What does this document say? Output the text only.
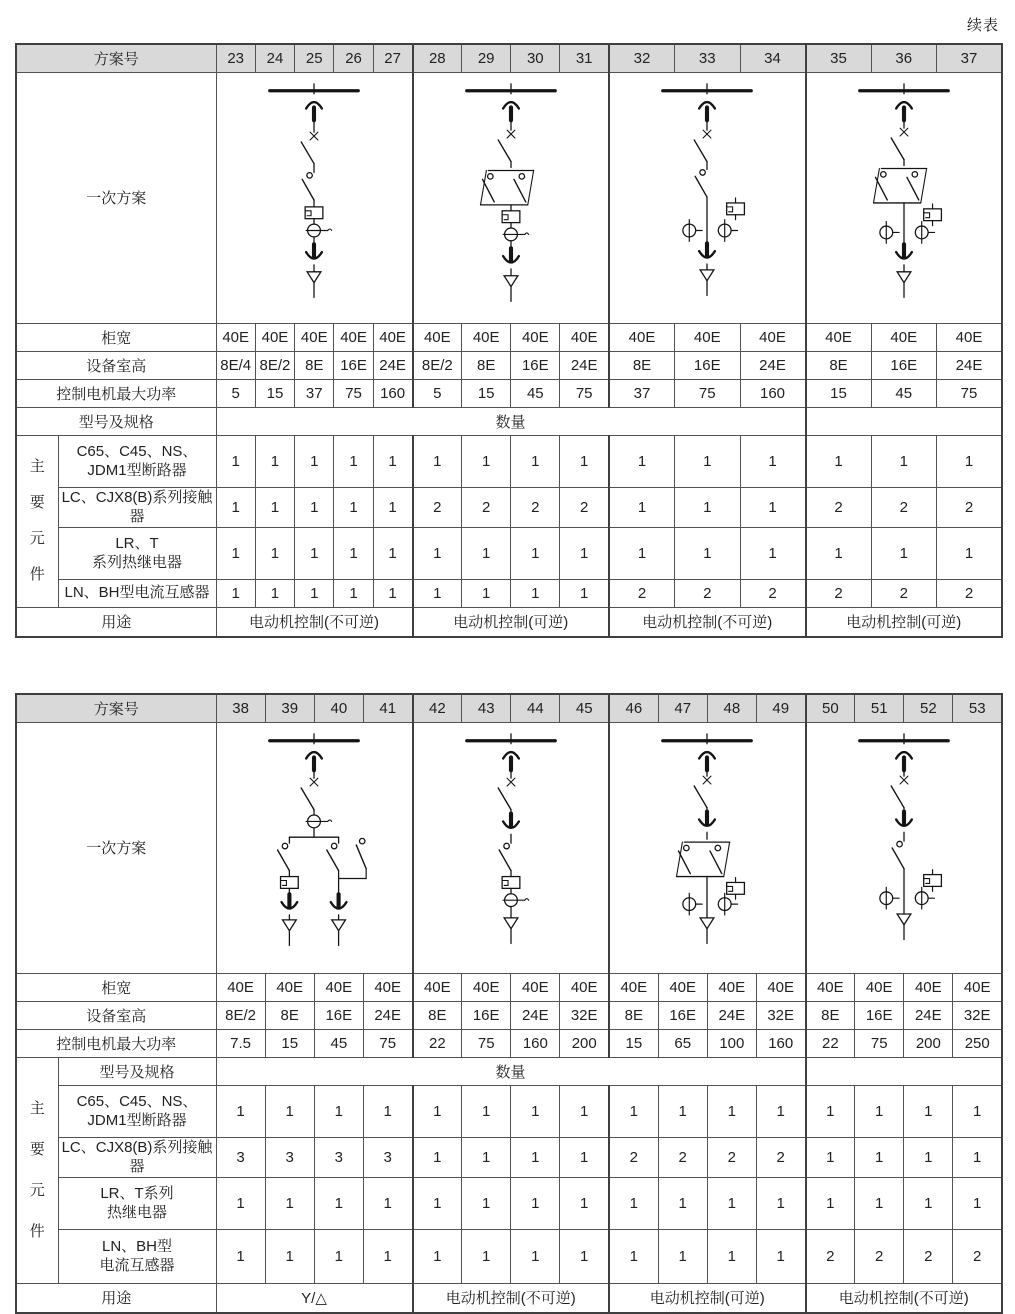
续表
方案号		23	24	25	26	27	28	29	30	31	32	33	34	35	36	37
一次方案	

柜宽		40E	40E	40E	40E	40E	40E	40E	40E	40E	40E	40E	40E	40E	40E	40E
设备室高		8E/4	8E/2	8E	16E	24E	8E/2	8E	16E	24E	8E	16E	24E	8E	16E	24E
控制电机最大功率		5	15	37	75	160	5	15	45	75	37	75	160	15	45	75
型号及规格		数量														
主
要
元
件	C65、C45、NS、
JDM1型断路器	1	1	1	1	1	1	1	1	1	1	1	1	1	1	1
	LC、CJX8(B)系列接触器	1	1	1	1	1	2	2	2	2	1	1	1	2	2	2
	LR、T
系列热继电器	1	1	1	1	1	1	1	1	1	1	1	1	1	1	1
	LN、BH型电流互感器	1	1	1	1	1	1	1	1	1	2	2	2	2	2	2
用途		电动机控制(不可逆)					电动机控制(可逆)				电动机控制(不可逆)			电动机控制(可逆)		
方案号		38	39	40	41	42	43	44	45	46	47	48	49	50	51	52	53
一次方案	

柜宽		40E	40E	40E	40E	40E	40E	40E	40E	40E	40E	40E	40E	40E	40E	40E	40E
设备室高		8E/2	8E	16E	24E	8E	16E	24E	32E	8E	16E	24E	32E	8E	16E	24E	32E
控制电机最大功率		7.5	15	45	75	22	75	160	200	15	65	100	160	22	75	200	250
主
要
元
件	型号及规格	数量															
	C65、C45、NS、
JDM1型断路器	1	1	1	1	1	1	1	1	1	1	1	1	1	1	1	1
	LC、CJX8(B)系列接触器	3	3	3	3	1	1	1	1	2	2	2	2	1	1	1	1
	LR、T系列
热继电器	1	1	1	1	1	1	1	1	1	1	1	1	1	1	1	1
	LN、BH型
电流互感器	1	1	1	1	1	1	1	1	1	1	1	1	2	2	2	2
用途		Y/△				电动机控制(不可逆)				电动机控制(可逆)				电动机控制(不可逆)			
